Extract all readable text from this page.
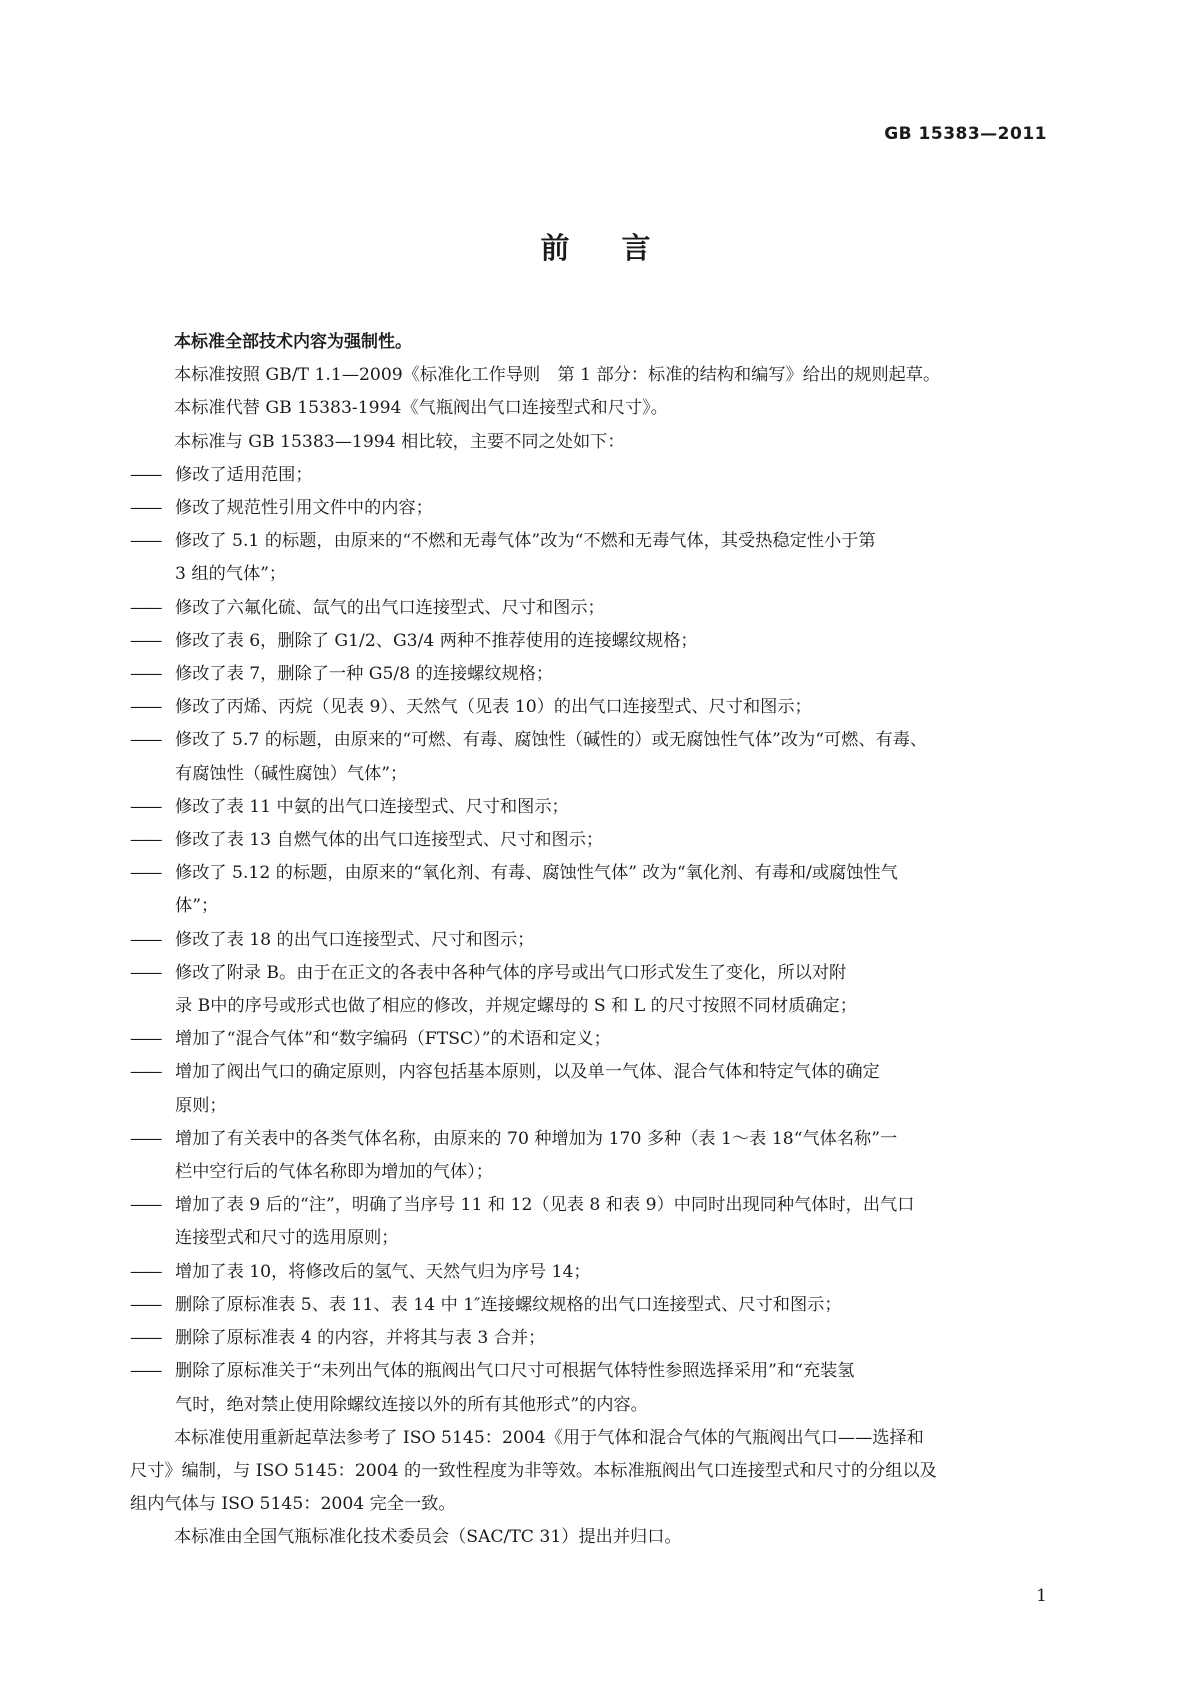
GB 15383—2011
前言
本标准全部技术内容为强制性。
本标准按照 GB/T 1.1—2009《标准化工作导则　第 1 部分：标准的结构和编写》给出的规则起草。
本标准代替 GB 15383-1994《气瓶阀出气口连接型式和尺寸》。
本标准与 GB 15383—1994 相比较，主要不同之处如下：
—— 修改了适用范围；
—— 修改了规范性引用文件中的内容；
—— 修改了 5.1 的标题，由原来的“不燃和无毒气体”改为“不燃和无毒气体，其受热稳定性小于第
3 组的气体”；
—— 修改了六氟化硫、氙气的出气口连接型式、尺寸和图示；
—— 修改了表 6，删除了 G1/2、G3/4 两种不推荐使用的连接螺纹规格；
—— 修改了表 7，删除了一种 G5/8 的连接螺纹规格；
—— 修改了丙烯、丙烷（见表 9）、天然气（见表 10）的出气口连接型式、尺寸和图示；
—— 修改了 5.7 的标题，由原来的“可燃、有毒、腐蚀性（碱性的）或无腐蚀性气体”改为“可燃、有毒、
有腐蚀性（碱性腐蚀）气体”；
—— 修改了表 11 中氨的出气口连接型式、尺寸和图示；
—— 修改了表 13 自燃气体的出气口连接型式、尺寸和图示；
—— 修改了 5.12 的标题，由原来的“氧化剂、有毒、腐蚀性气体” 改为“氧化剂、有毒和/或腐蚀性气
体”；
—— 修改了表 18 的出气口连接型式、尺寸和图示；
—— 修改了附录 B。由于在正文的各表中各种气体的序号或出气口形式发生了变化，所以对附
录 B中的序号或形式也做了相应的修改，并规定螺母的 S 和 L 的尺寸按照不同材质确定；
—— 增加了“混合气体”和“数字编码（FTSC）”的术语和定义；
—— 增加了阀出气口的确定原则，内容包括基本原则，以及单一气体、混合气体和特定气体的确定
原则；
—— 增加了有关表中的各类气体名称，由原来的 70 种增加为 170 多种（表 1～表 18“气体名称”一
栏中空行后的气体名称即为增加的气体）；
—— 增加了表 9 后的“注”，明确了当序号 11 和 12（见表 8 和表 9）中同时出现同种气体时，出气口
连接型式和尺寸的选用原则；
—— 增加了表 10，将修改后的氢气、天然气归为序号 14；
—— 删除了原标准表 5、表 11、表 14 中 1″连接螺纹规格的出气口连接型式、尺寸和图示；
—— 删除了原标准表 4 的内容，并将其与表 3 合并；
—— 删除了原标准关于“未列出气体的瓶阀出气口尺寸可根据气体特性参照选择采用”和“充装氢
气时，绝对禁止使用除螺纹连接以外的所有其他形式”的内容。
本标准使用重新起草法参考了 ISO 5145：2004《用于气体和混合气体的气瓶阀出气口——选择和
尺寸》编制，与 ISO 5145：2004 的一致性程度为非等效。本标准瓶阀出气口连接型式和尺寸的分组以及
组内气体与 ISO 5145：2004 完全一致。
本标准由全国气瓶标准化技术委员会（SAC/TC 31）提出并归口。
1
